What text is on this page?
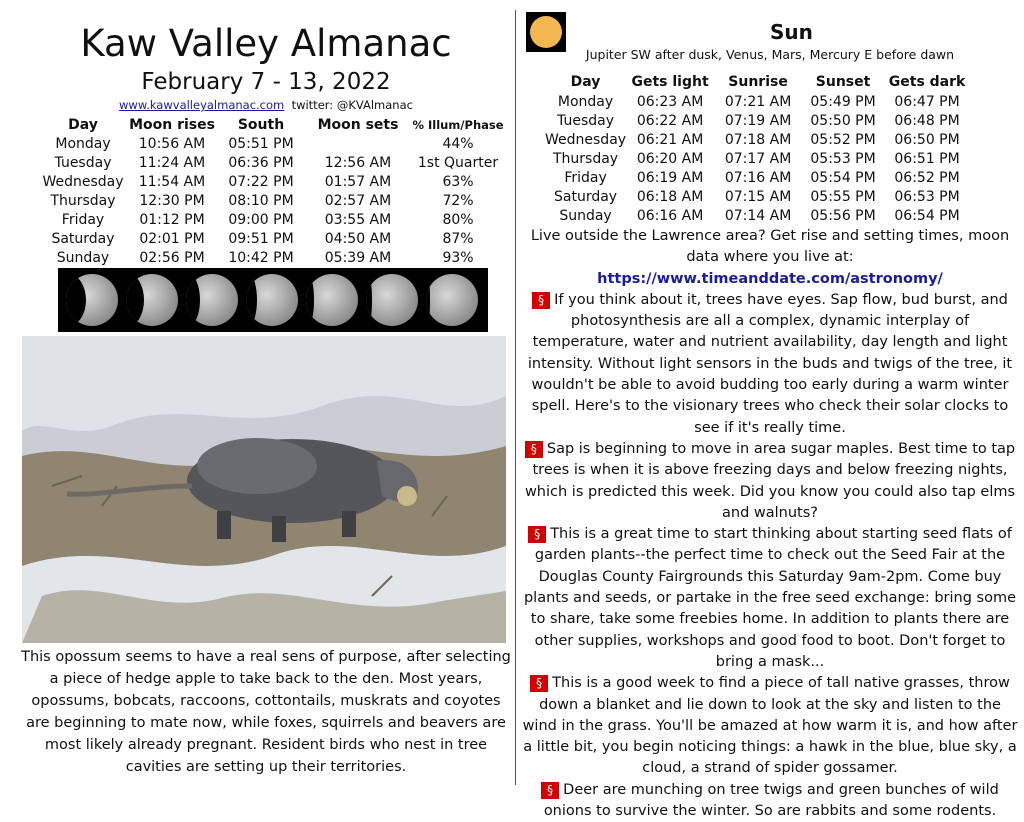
Kaw Valley Almanac
February 7 - 13, 2022
www.kawvalleyalmanac.com twitter: @KVAlmanac
Day	Moon rises	South	Moon sets	% Illum/Phase
Monday	10:56 AM	05:51 PM		44%
Tuesday	11:24 AM	06:36 PM	12:56 AM	1st Quarter
Wednesday	11:54 AM	07:22 PM	01:57 AM	63%
Thursday	12:30 PM	08:10 PM	02:57 AM	72%
Friday	01:12 PM	09:00 PM	03:55 AM	80%
Saturday	02:01 PM	09:51 PM	04:50 AM	87%
Sunday	02:56 PM	10:42 PM	05:39 AM	93%
This opossum seems to have a real sens of purpose, after selecting a piece of hedge apple to take back to the den. Most years, opossums, bobcats, raccoons, cottontails, muskrats and coyotes are beginning to mate now, while foxes, squirrels and beavers are most likely already pregnant. Resident birds who nest in tree cavities are setting up their territories.
Sun
Jupiter SW after dusk, Venus, Mars, Mercury E before dawn
Day	Gets light	Sunrise	Sunset	Gets dark
Monday	06:23 AM	07:21 AM	05:49 PM	06:47 PM
Tuesday	06:22 AM	07:19 AM	05:50 PM	06:48 PM
Wednesday	06:21 AM	07:18 AM	05:52 PM	06:50 PM
Thursday	06:20 AM	07:17 AM	05:53 PM	06:51 PM
Friday	06:19 AM	07:16 AM	05:54 PM	06:52 PM
Saturday	06:18 AM	07:15 AM	05:55 PM	06:53 PM
Sunday	06:16 AM	07:14 AM	05:56 PM	06:54 PM
Live outside the Lawrence area? Get rise and setting times, moon data where you live at: https://www.timeanddate.com/astronomy/
§ If you think about it, trees have eyes. Sap flow, bud burst, and photosynthesis are all a complex, dynamic interplay of temperature, water and nutrient availability, day length and light intensity. Without light sensors in the buds and twigs of the tree, it wouldn't be able to avoid budding too early during a warm winter spell. Here's to the visionary trees who check their solar clocks to see if it's really time.
§ Sap is beginning to move in area sugar maples. Best time to tap trees is when it is above freezing days and below freezing nights, which is predicted this week. Did you know you could also tap elms and walnuts?
§ This is a great time to start thinking about starting seed flats of garden plants--the perfect time to check out the Seed Fair at the Douglas County Fairgrounds this Saturday 9am-2pm. Come buy plants and seeds, or partake in the free seed exchange: bring some to share, take some freebies home. In addition to plants there are other supplies, workshops and good food to boot. Don't forget to bring a mask...
§ This is a good week to find a piece of tall native grasses, throw down a blanket and lie down to look at the sky and listen to the wind in the grass. You'll be amazed at how warm it is, and how after a little bit, you begin noticing things: a hawk in the blue, blue sky, a cloud, a strand of spider gossamer.
§ Deer are munching on tree twigs and green bunches of wild onions to survive the winter. So are rabbits and some rodents.
